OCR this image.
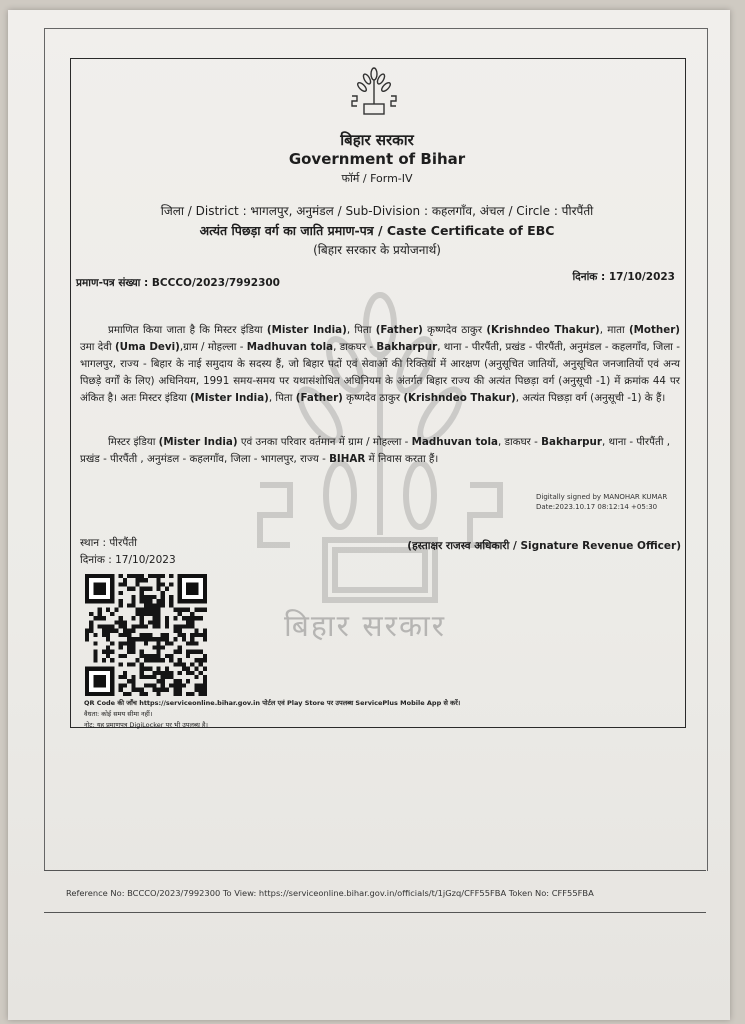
बिहार सरकार
बिहार सरकार
Government of Bihar
फॉर्म / Form-IV
जिला / District : भागलपुर, अनुमंडल / Sub-Division : कहलगाँव, अंचल / Circle : पीरपैंती
अत्यंत पिछड़ा वर्ग का जाति प्रमाण-पत्र / Caste Certificate of EBC
(बिहार सरकार के प्रयोजनार्थ)
प्रमाण-पत्र संख्या : BCCCO/2023/7992300	दिनांक : 17/10/2023
प्रमाणित किया जाता है कि मिस्टर इंडिया (Mister India), पिता (Father) कृष्णदेव ठाकुर (Krishndeo Thakur), माता (Mother) उमा देवी (Uma Devi),ग्राम / मोहल्ला - Madhuvan tola, डाकघर - Bakharpur, थाना - पीरपैंती, प्रखंड - पीरपैंती, अनुमंडल - कहलगाँव, जिला - भागलपुर, राज्य - बिहार के नाई समुदाय के सदस्य हैं, जो बिहार पदों एवं सेवाओं की रिक्तियों में आरक्षण (अनुसूचित जातियों, अनुसूचित जनजातियों एवं अन्य पिछड़े वर्गों के लिए) अधिनियम, 1991 समय-समय पर यथासंशोधित अधिनियम के अंतर्गत बिहार राज्य की अत्यंत पिछड़ा वर्ग (अनुसूची -1) में क्रमांक 44 पर अंकित है। अतः मिस्टर इंडिया (Mister India), पिता (Father) कृष्णदेव ठाकुर (Krishndeo Thakur), अत्यंत पिछड़ा वर्ग (अनुसूची -1) के हैं।
मिस्टर इंडिया (Mister India) एवं उनका परिवार वर्तमान में ग्राम / मोहल्ला - Madhuvan tola, डाकघर - Bakharpur, थाना - पीरपैंती , प्रखंड - पीरपैंती , अनुमंडल - कहलगाँव, जिला - भागलपुर, राज्य - BIHAR में निवास करता हैं।
Digitally signed by MANOHAR KUMAR
Date:2023.10.17 08:12:14 +05:30
स्थान : पीरपैंती
दिनांक : 17/10/2023
(हस्ताक्षर राजस्व अधिकारी / Signature Revenue Officer)
QR Code की जाँच https://serviceonline.bihar.gov.in पोर्टल एवं Play Store पर उपलब्ध ServicePlus Mobile App से करें।
वैधता: कोई समय सीमा नहीं।
नोट: यह प्रमाणपत्र DigiLocker पर भी उपलब्ध है।
Reference No: BCCCO/2023/7992300 To View: https://serviceonline.bihar.gov.in/officials/t/1jGzq/CFF55FBA Token No: CFF55FBA
